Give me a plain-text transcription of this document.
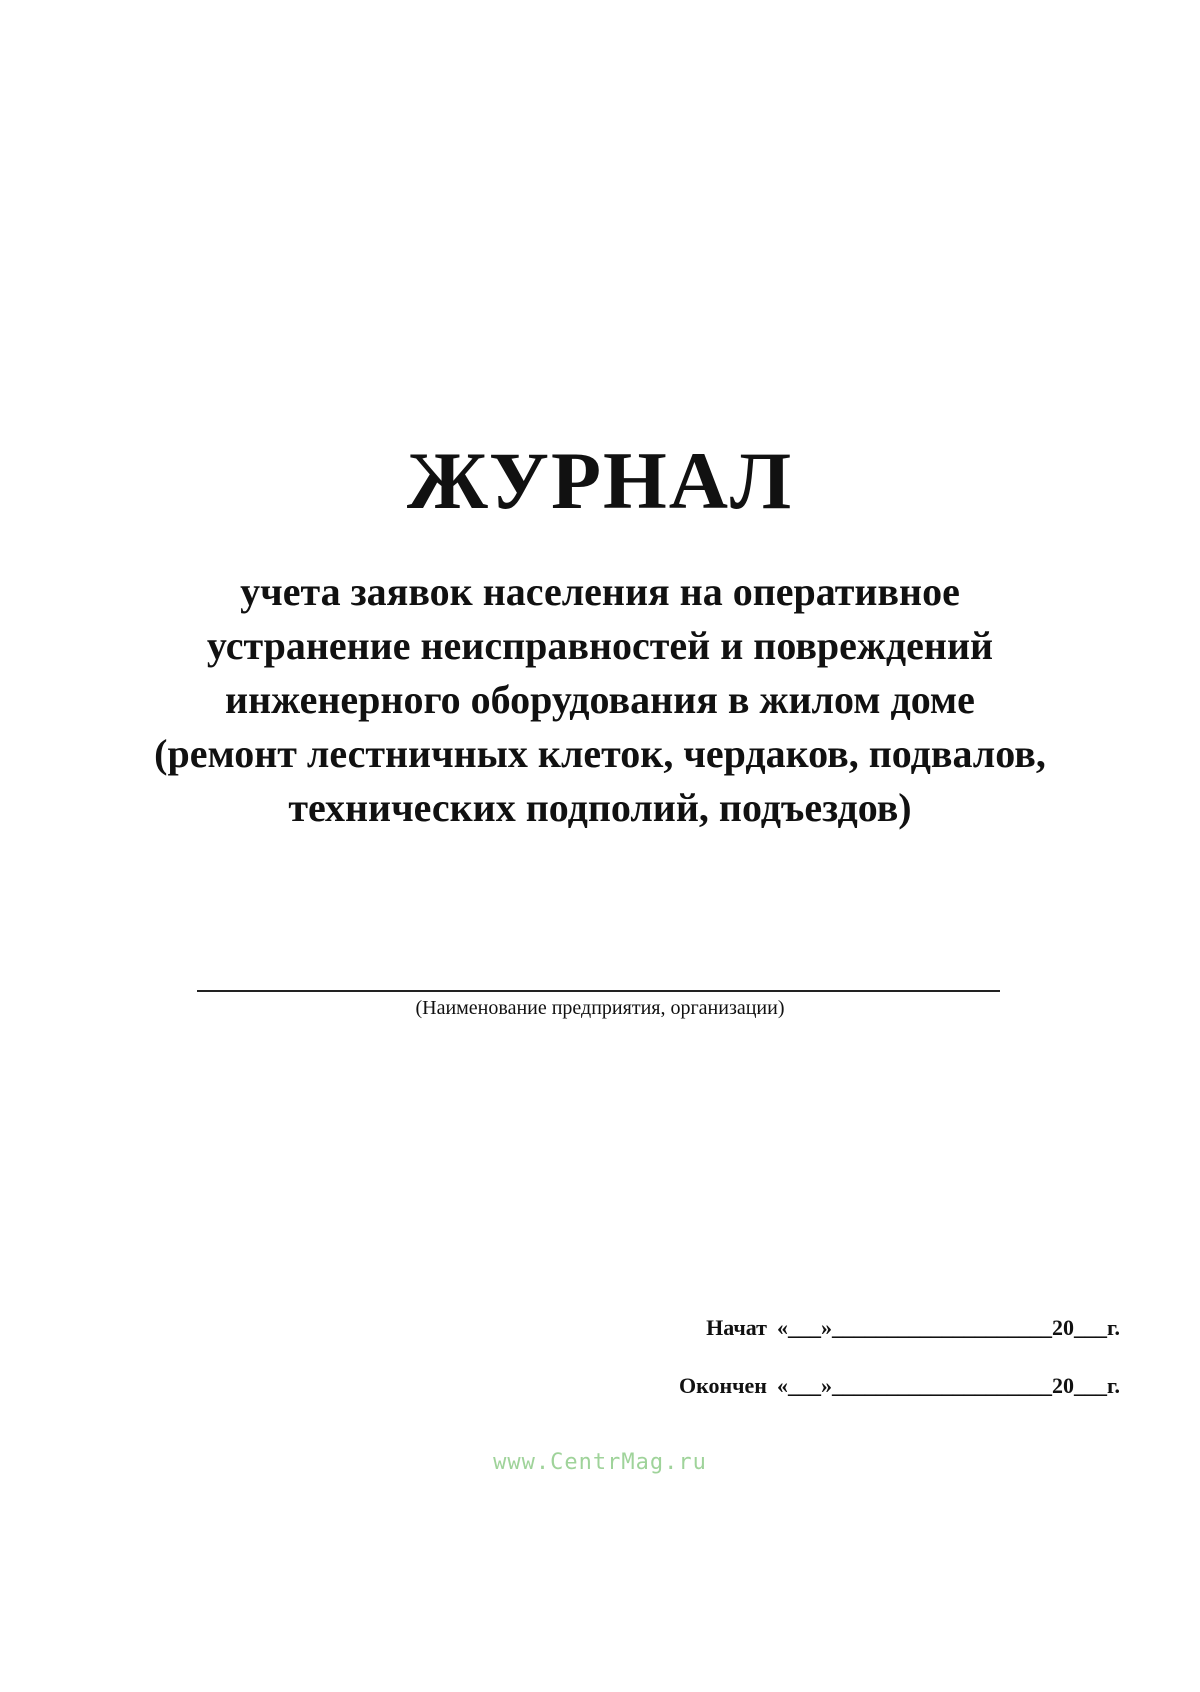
ЖУРНАЛ
учета заявок населения на оперативное
устранение неисправностей и повреждений
инженерного оборудования в жилом доме
(ремонт лестничных клеток, чердаков, подвалов,
технических подполий, подъездов)
(Наименование предприятия, организации)
Начат «___»____________________20___г.
Окончен «___»____________________20___г.
www.CentrMag.ru
